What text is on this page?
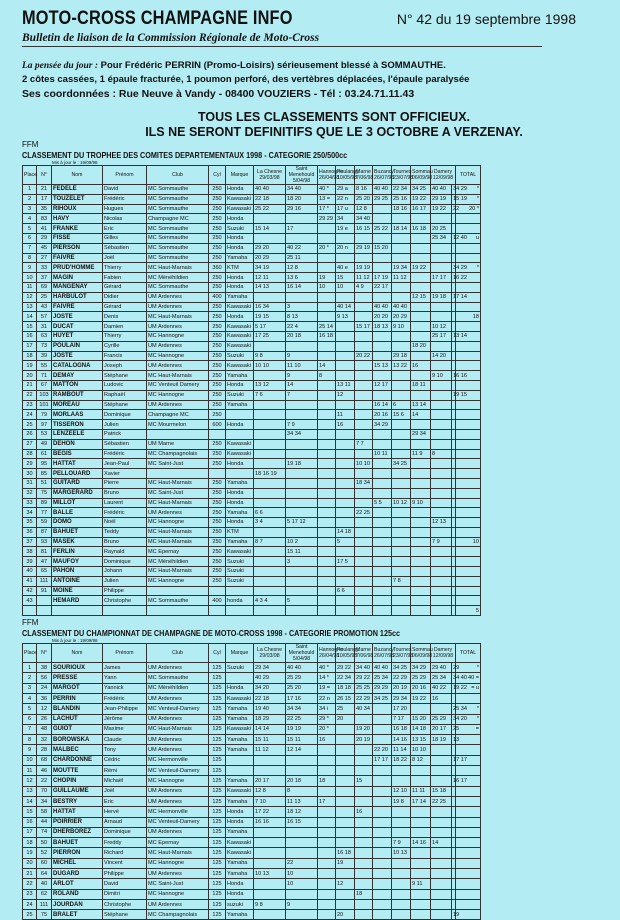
MOTO-CROSS CHAMPAGNE INFO	N° 42 du 19 septembre 1998
Bulletin de liaison de la Commission Régionale de Moto-Cross
La pensée du jour : Pour Frédéric PERRIN (Promo-Loisirs) sérieusement blessé à SOMMAUTHE.
2 côtes cassées, 1 épaule fracturée, 1 poumon perforé, des vertèbres déplacées, l'épaule paralysée
Ses coordonnées : Rue Neuve à Vandy - 08400 VOUZIERS - Tél : 03.24.71.11.43
TOUS LES CLASSEMENTS SONT OFFICIEUX.
ILS NE SERONT DEFINITIFS QUE LE 3 OCTOBRE A VERZENAY.
FFM
CLASSEMENT DU TROPHEE DES COMITES DEPARTEMENTAUX 1998 - CATEGORIE 250/500cc
Mis à jour le : 19/09/98
Place	N°	Nom	Prénom	Club	Cyl	Marque	La Chesne 29/03/98	Saint Menehould 5/04/98	Hannogne 26/04/98	Poulangy 10/05/98	Marne 7/06/98	Buzancy 26/07/98	Tournes 23/07/98	Sommau 06/09/98	Damery 12/09/98		TOTAL	
1	21	FEDELE	David	MC Sommauthe	250	Honda	40 40	34 40	40 *	29 a	8 16	40 40	22 34	34 25	40 40	34 29	*	
2	17	TOUZELET	Frédéric	MC Sommauthe	250	Kawasaki	22 18	18 20	13 =	22 n	25 20	29 25	25 16	19 22	29 19	15 19	*	
3	35	RIHOUX	Hugues	MC Sommauthe	250	Kawasaki	25 22	29 16	17 *	17 u	12 8		18 16	16 17	19 22	22	20 *	
4	83	HAVY	Nicolas	Champagne MC	250	Honda			29 29	34	34 40							
5	41	FRANKE	Eric	MC Sommauthe	250	Suzuki	15 14	17		19 e	16 15	25 22	18 14	16 18	20 25			
6	29	FISSE	Gilles	MC Sommauthe	250	Honda									25 34	12 40	u	
7	45	PIERSON	Sébastien	MC Sommauthe	250	Honda	29 20	40 22	20 *	20 n	29 19	15 20						
8	27	FAIVRE	Joël	MC Sommauthe	250	Yamaha	20 29	25 11										
9	33	PRUD'HOMME	Thierry	MC Haut-Marnais	360	KTM	34 19	12 8		40 e	19 19		19 34	19 22		34 29	*	
10	37	MAGIN	Fabien	MC Ménéhildien	250	Honda	12 11	13 6	19	15	11 12	17 19	11 12		17 17	16 22		
11	69	MANGENAY	Gérard	MC Sommauthe	250	Honda	14 13	16 14	10	10	4 9	22 17						
12	25	HARBULOT	Didier	UM Ardennes	400	Yamaha								12 15	19 18	17 14		
13	43	FAIVRE	Gérard	UM Ardennes	250	Kawasaki	16 34	3		40 14		40 40	40 40					
14	57	JOSTE	Denis	MC Haut-Marnais	250	Honda	19 15	8 13		9 13		20 20	20 29				18	
15	31	DUCAT	Damien	UM Ardennes	250	Kawasaki	5 17	22 4	25 14		15 17	18 13	9 10		10 12			
16	63	HUYET	Thierry	MC Hannogne	250	Kawasaki	17 25	20 18	16 18						25 17	13 14		
17	73	POULAIN	Cyrille	UM Ardennes	250	Kawasaki								18 20				
18	39	JOSTE	Francis	MC Hannogne	250	Suzuki	9 8	9			20 22		29 18		14 20			
19	55	CATALOGNA	Joseph	UM Ardennes	250	Kawasaki	10 10	11 10	14			15 13	13 22	16				
20	71	DEMAY	Stéphane	MC Haut-Marnais	250	Yamaha		9	8						9 10	16 16		
21	67	MATTON	Ludovic	MC Venteuil Damery	250	Honda	13 12	14		13 11		12 17		18 11				
22	103	RAMBOUT	Raphaël	MC Hannogne	250	Suzuki	7 6	7		12						19 15		
23	101	MOREAU	Stéphane	UM Ardennes	250	Yamaha						16 14	6	13 14				
24	79	MORLAAS	Dominique	Champagne MC	250					11		20 16	15 6	14				
25	97	TISSERON	Julien	MC Mourmelon	600	Honda		7 9		16		34 29						
26	53	LENZEELE	Patrick					34 34						29 34				
27	49	DEHON	Sébastien	UM Marne	250	Kawasaki					7 7							
28	61	BEGIS	Frédéric	MC Champagnolais	250	Kawasaki						10 11		11 9	8			
29	95	HATTAT	Jean-Paul	MC Saint-Just	250	Honda		19 18			10 10		34 25					
30	85	PELLOUARD	Xavier				18 16 19											
31	51	GUITARD	Pierre	MC Haut-Marnais	250	Yamaha					18 34							
32	75	MARGERARD	Bruno	MC Saint-Just	250	Honda												
33	89	MILLOT	Laurent	MC Haut-Marnais	250	Honda						5 5	10 12	9 10				
34	77	BALLE	Frédéric	UM Ardennes	250	Yamaha	6 6				22 25							
35	59	DOMO	Noël	MC Hannogne	250	Honda	3 4	5 17 12							12 13			
36	87	BAHUET	Teddy	MC Haut-Marnais	250	KTM				14 18								
37	93	MASEK	Bruno	MC Haut-Marnais	250	Yamaha	8 7	10 2		5					7 9		10	
38	81	FERLIN	Raynald	MC Epernay	250	Kawasaki		15 11										
39	47	MAUFOY	Dominique	MC Ménéhildien	250	Suzuki		3		17 5								
40	65	PAHON	Johann	MC Haut-Marnais	250	Suzuki												
41	111	ANTOINE	Julien	MC Hannogne	250	Suzuki							7 8					
42	91	MOINE	Philippe							6 6								
43		HEMARD	Christophe	MC Sommauthe	400	honda	4 3 4	5										
																	5	
FFM
CLASSEMENT DU CHAMPIONNAT DE CHAMPAGNE DE MOTO-CROSS 1998 - CATEGORIE PROMOTION 125cc
Mis à jour le : 19/09/98
Place	N°	Nom	Prénom	Club	Cyl	Marque	La Chesne 29/03/98	Saint Menehould 5/04/98	Hannogne 26/04/98	Poulangy 10/05/98	Marne 7/06/98	Buzancy 26/07/98	Tournes 23/07/98	Sommau 06/09/98	Damery 12/09/98		TOTAL	
1	38	SOURIOUX	James	UM Ardennes	125	Suzuki	29 34	40 40	40 *	29 22	34 40	40 40	34 25	34 29	29 40	29	*	
2	56	PRESSE	Yann	MC Sommauthe	125		40 29	25 29	14 *	22 34	29 22	25 34	22 29	25 29	25 34	34 40	40 =	
3	24	MARGOT	Yannick	MC Ménéhildien	125	Honda	34 20	25 20	19 =	18 18	25 25	29 29	20 19	20 16	40 22	19 22	= u	
4	36	PERRIN	Frédéric	UM Ardennes	125	Kawasaki	22 18	17 16	22 n	26 15	22 29	34 25	29 34	19 22	16			
5	12	BLANDIN	Jean-Philippe	MC Venteuil-Damery	125	Yamaha	19 40	34 34	34 i	25	40 34		17 20			25 34	*	
6	26	LACHUT	Jérôme	UM Ardennes	125	Yamaha	18 29	22 25	29 *	20			7 17	15 20	25 29	34 20	*	
7	48	GUIOT	Maxime	MC Haut-Marnais	125	Kawasaki	14 14	19 19	20 *		19 20		16 18	14 18	20 17	25	=	
8	32	BOROWSKA	Claude	UM Ardennes	125	Yamaha	15 11	15 11	16		20 19		14 16	13 15	18 19	13		
9	28	MALBEC	Tony	UM Ardennes	125	Yamaha	11 12	12 14				22 20	11 14	10 10				
10	68	CHARDONNE	Cédric	MC Hermonville	125							17 17	18 22	8 12		17 17		
11	46	MOUTTE	Rémi	MC Venteuil-Damery	125													
12	22	CHOPIN	Michaël	MC Hannogne	125	Yamaha	20 17	20 18	18		15					16 17		
13	70	GUILLAUME	Joël	UM Ardennes	125	Kawasaki	12 8	8					12 10	11 11	15 18			
14	34	BESTRY	Eric	UM Ardennes	125	Yamaha	7 10	11 13	17				19 8	17 14	22 25			
15	58	HATTAT	Hervé	MC Hermonville	125	Honda	17 22	18 12			16							
16	44	POIRRIER	Arnaud	MC Venteuil-Damery	125	Honda	16 16	16 15										
17	74	DHERBOREZ	Dominique	UM Ardennes	125	Yamaha												
18	50	BAHUET	Freddy	MC Epernay	125	Kawasaki							7 9	14 16	14			
19	52	PIERRON	Richard	MC Haut-Marnais	125	Kawasaki				16 18			10 13					
20	60	MICHEL	Vincent	MC Hannogne	125	Yamaha		22		19								
21	64	DUGARD	Philippe	UM Ardennes	125	Yamaha	10 13	10										
22	40	ARLOT	David	MC Saint-Just	125	Honda		10		12				9 11				
23	62	ROLAND	Dimitri	MC Hannogne	125	Honda					18							
24	111	JOURDAN	Christophe	UM Ardennes	125	suzuki	9 8	9										
25	75	BRALET	Stéphane	MC Champagnolais	125	Yamaha				20						19		
